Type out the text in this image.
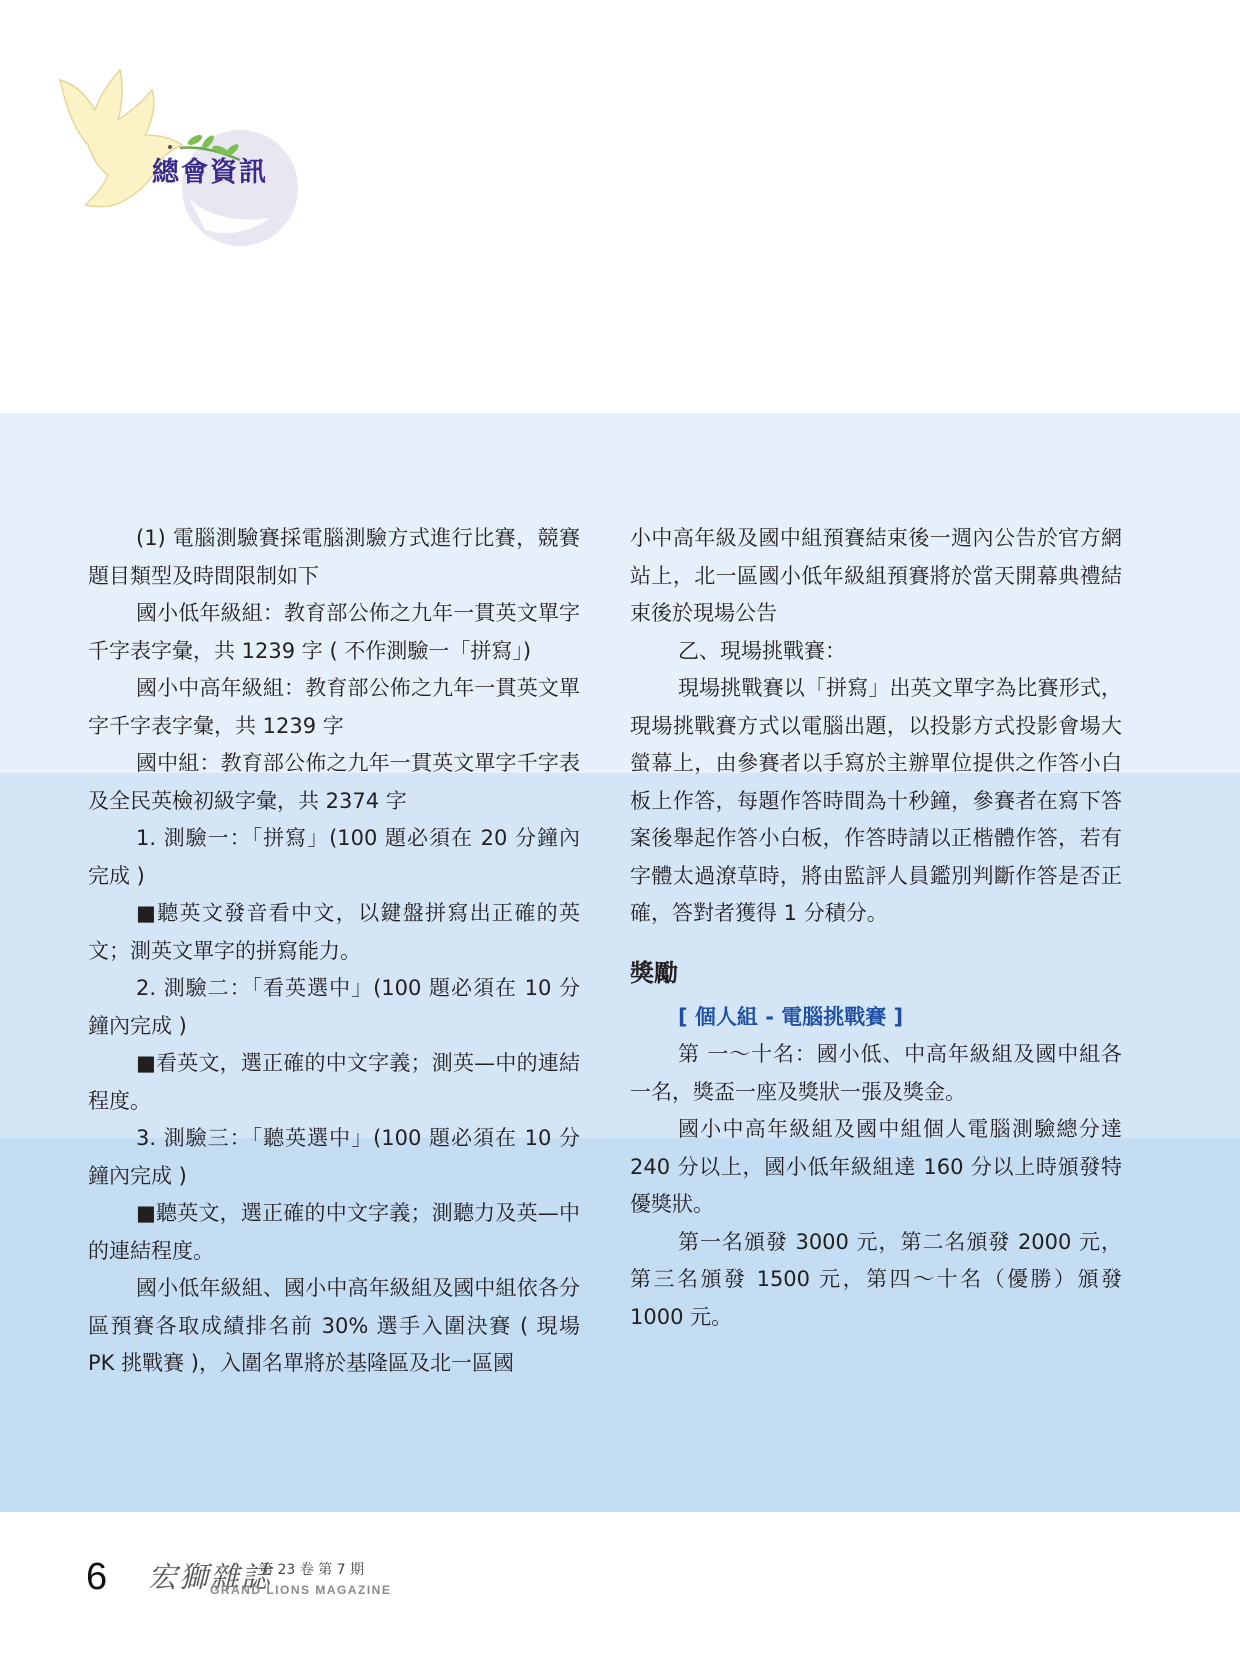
總會資訊

(1) 電腦測驗賽採電腦測驗方式進行比賽，競賽題目類型及時間限制如下

國小低年級組：教育部公佈之九年一貫英文單字千字表字彙，共 1239 字 ( 不作測驗一「拼寫」)

國小中高年級組：教育部公佈之九年一貫英文單字千字表字彙，共 1239 字

國中組：教育部公佈之九年一貫英文單字千字表及全民英檢初級字彙，共 2374 字

1. 測驗一：「拼寫」(100 題必須在 20 分鐘內完成 )

■聽英文發音看中文，以鍵盤拼寫出正確的英文；測英文單字的拼寫能力。

2. 測驗二：「看英選中」(100 題必須在 10 分鐘內完成 )

■看英文，選正確的中文字義；測英—中的連結程度。

3. 測驗三：「聽英選中」(100 題必須在 10 分鐘內完成 )

■聽英文，選正確的中文字義；測聽力及英—中的連結程度。

國小低年級組、國小中高年級組及國中組依各分區預賽各取成績排名前 30% 選手入圍決賽 ( 現場 PK 挑戰賽 )，入圍名單將於基隆區及北一區國

小中高年級及國中組預賽結束後一週內公告於官方網站上，北一區國小低年級組預賽將於當天開幕典禮結束後於現場公告

乙、現場挑戰賽：

現場挑戰賽以「拼寫」出英文單字為比賽形式，現場挑戰賽方式以電腦出題，以投影方式投影會場大螢幕上，由參賽者以手寫於主辦單位提供之作答小白板上作答，每題作答時間為十秒鐘，參賽者在寫下答案後舉起作答小白板，作答時請以正楷體作答，若有字體太過潦草時，將由監評人員鑑別判斷作答是否正確，答對者獲得 1 分積分。

獎勵

[ 個人組 - 電腦挑戰賽 ]

第 一～十名：國小低、中高年級組及國中組各一名，獎盃一座及獎狀一張及獎金。

國小中高年級組及國中組個人電腦測驗總分達 240 分以上，國小低年級組達 160 分以上時頒發特優獎狀。

第一名頒發 3000 元，第二名頒發 2000 元，第三名頒發 1500 元，第四～十名（優勝）頒發 1000 元。

6 宏獅雜誌
第 23 卷 第 7 期
GRAND LIONS MAGAZINE
